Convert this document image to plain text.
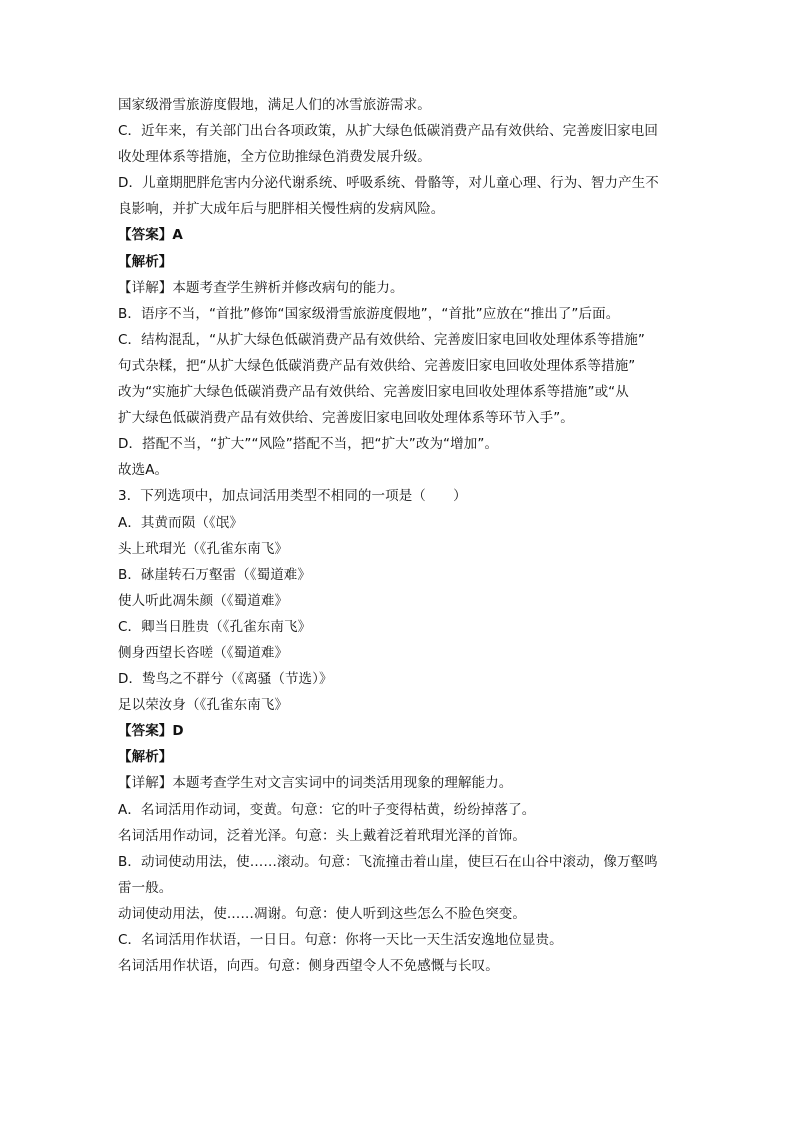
国家级滑雪旅游度假地，满足人们的冰雪旅游需求。
C．近年来，有关部门出台各项政策，从扩大绿色低碳消费产品有效供给、完善废旧家电回
收处理体系等措施，全方位助推绿色消费发展升级。
D．儿童期肥胖危害内分泌代谢系统、呼吸系统、骨骼等，对儿童心理、行为、智力产生不
良影响，并扩大成年后与肥胖相关慢性病的发病风险。
【答案】A
【解析】
【详解】本题考查学生辨析并修改病句的能力。
B．语序不当，“首批”修饰“国家级滑雪旅游度假地”，“首批”应放在“推出了”后面。
C．结构混乱，“从扩大绿色低碳消费产品有效供给、完善废旧家电回收处理体系等措施”
句式杂糅，把“从扩大绿色低碳消费产品有效供给、完善废旧家电回收处理体系等措施”
改为“实施扩大绿色低碳消费产品有效供给、完善废旧家电回收处理体系等措施”或“从
扩大绿色低碳消费产品有效供给、完善废旧家电回收处理体系等环节入手”。
D．搭配不当，“扩大”“风险”搭配不当，把“扩大”改为“增加”。
故选A。
3．下列选项中，加点词活用类型不相同的一项是（　　）
A．其黄而陨（《氓》
头上玳瑁光（《孔雀东南飞》
B．砯崖转石万壑雷（《蜀道难》
使人听此凋朱颜（《蜀道难》
C．卿当日胜贵（《孔雀东南飞》
侧身西望长咨嗟（《蜀道难》
D．鸷鸟之不群兮（《离骚（节选）》
足以荣汝身（《孔雀东南飞》
【答案】D
【解析】
【详解】本题考查学生对文言实词中的词类活用现象的理解能力。
A．名词活用作动词，变黄。句意：它的叶子变得枯黄，纷纷掉落了。
名词活用作动词，泛着光泽。句意：头上戴着泛着玳瑁光泽的首饰。
B．动词使动用法，使……滚动。句意：飞流撞击着山崖，使巨石在山谷中滚动，像万壑鸣
雷一般。
动词使动用法，使……凋谢。句意：使人听到这些怎么不脸色突变。
C．名词活用作状语，一日日。句意：你将一天比一天生活安逸地位显贵。
名词活用作状语，向西。句意：侧身西望令人不免感慨与长叹。
